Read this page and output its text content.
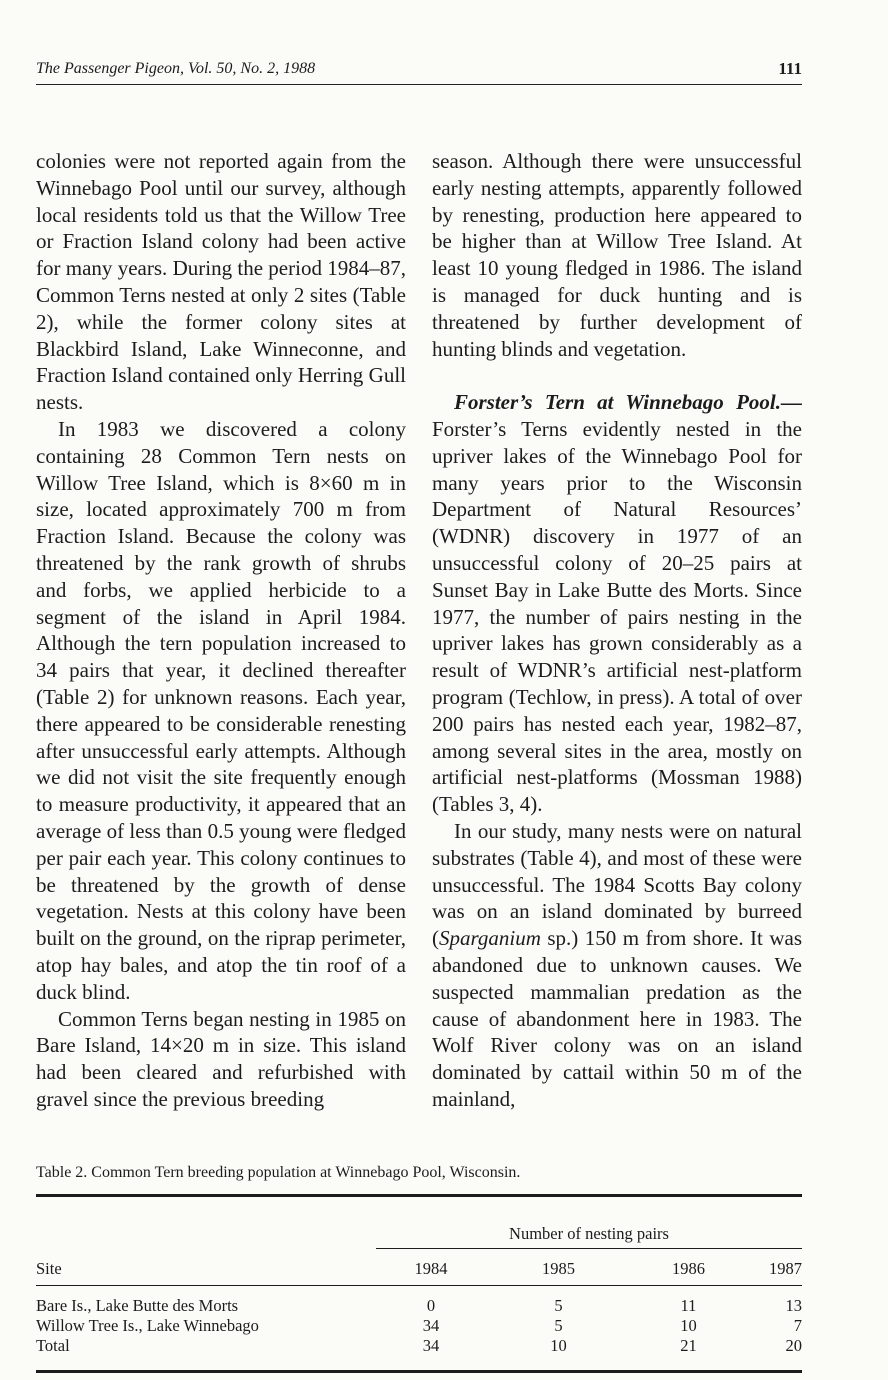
The Passenger Pigeon, Vol. 50, No. 2, 1988	111

colonies were not reported again from the Winnebago Pool until our survey, although local residents told us that the Willow Tree or Fraction Island colony had been active for many years. During the period 1984–87, Common Terns nested at only 2 sites (Table 2), while the former colony sites at Blackbird Island, Lake Winneconne, and Fraction Island contained only Herring Gull nests.

In 1983 we discovered a colony containing 28 Common Tern nests on Willow Tree Island, which is 8×60 m in size, located approximately 700 m from Fraction Island. Because the colony was threatened by the rank growth of shrubs and forbs, we applied herbicide to a segment of the island in April 1984. Although the tern population increased to 34 pairs that year, it declined thereafter (Table 2) for unknown reasons. Each year, there appeared to be considerable renesting after unsuccessful early attempts. Although we did not visit the site frequently enough to measure productivity, it appeared that an average of less than 0.5 young were fledged per pair each year. This colony continues to be threatened by the growth of dense vegetation. Nests at this colony have been built on the ground, on the riprap perimeter, atop hay bales, and atop the tin roof of a duck blind.

Common Terns began nesting in 1985 on Bare Island, 14×20 m in size. This island had been cleared and refurbished with gravel since the previous breeding

season. Although there were unsuccessful early nesting attempts, apparently followed by renesting, production here appeared to be higher than at Willow Tree Island. At least 10 young fledged in 1986. The island is managed for duck hunting and is threatened by further development of hunting blinds and vegetation.

Forster’s Tern at Winnebago Pool.— Forster’s Terns evidently nested in the upriver lakes of the Winnebago Pool for many years prior to the Wisconsin Department of Natural Resources’ (WDNR) discovery in 1977 of an unsuccessful colony of 20–25 pairs at Sunset Bay in Lake Butte des Morts. Since 1977, the number of pairs nesting in the upriver lakes has grown considerably as a result of WDNR’s artificial nest-platform program (Techlow, in press). A total of over 200 pairs has nested each year, 1982–87, among several sites in the area, mostly on artificial nest-platforms (Mossman 1988) (Tables 3, 4).

In our study, many nests were on natural substrates (Table 4), and most of these were unsuccessful. The 1984 Scotts Bay colony was on an island dominated by burreed (Sparganium sp.) 150 m from shore. It was abandoned due to unknown causes. We suspected mammalian predation as the cause of abandonment here in 1983. The Wolf River colony was on an island dominated by cattail within 50 m of the mainland,

Table 2. Common Tern breeding population at Winnebago Pool, Wisconsin.

	Number of nesting pairs			

Site	1984	1985	1986	1987
Bare Is., Lake Butte des Morts	0	5	11	13
Willow Tree Is., Lake Winnebago	34	5	10	7
Total	34	10	21	20
